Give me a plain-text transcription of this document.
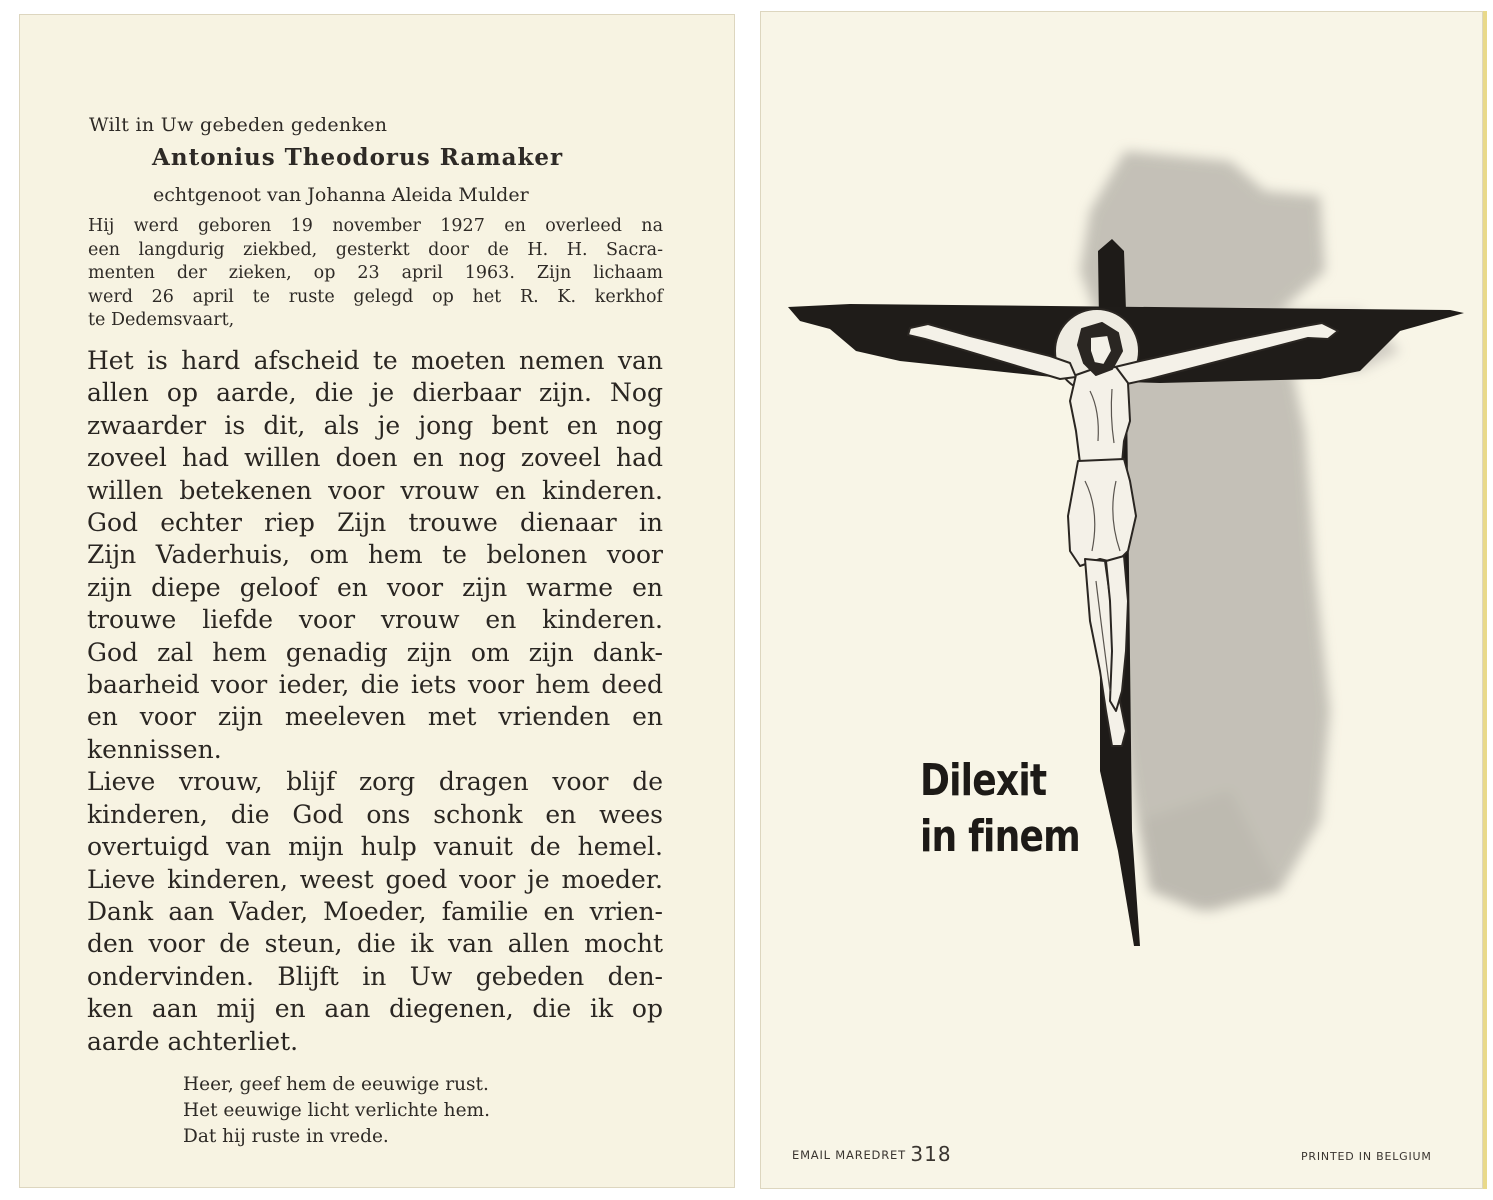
Wilt in Uw gebeden gedenken

Antonius Theodorus Ramaker

echtgenoot van Johanna Aleida Mulder

Hij werd geboren 19 november 1927 en overleed na
een langdurig ziekbed, gesterkt door de H. H. Sacra-
menten der zieken, op 23 april 1963. Zijn lichaam
werd 26 april te ruste gelegd op het R. K. kerkhof
te Dedemsvaart,
Het is hard afscheid te moeten nemen van
allen op aarde, die je dierbaar zijn. Nog
zwaarder is dit, als je jong bent en nog
zoveel had willen doen en nog zoveel had
willen betekenen voor vrouw en kinderen.
God echter riep Zijn trouwe dienaar in
Zijn Vaderhuis, om hem te belonen voor
zijn diepe geloof en voor zijn warme en
trouwe liefde voor vrouw en kinderen.
God zal hem genadig zijn om zijn dank-
baarheid voor ieder, die iets voor hem deed
en voor zijn meeleven met vrienden en
kennissen.
Lieve vrouw, blijf zorg dragen voor de
kinderen, die God ons schonk en wees
overtuigd van mijn hulp vanuit de hemel.
Lieve kinderen, weest goed voor je moeder.
Dank aan Vader, Moeder, familie en vrien-
den voor de steun, die ik van allen mocht
ondervinden. Blijft in Uw gebeden den-
ken aan mij en aan diegenen, die ik op
aarde achterliet.
Heer, geef hem de eeuwige rust.
Het eeuwige licht verlichte hem.
Dat hij ruste in vrede.
Dilexit
in finem
EMAIL MAREDRET 318	PRINTED IN BELGIUM
